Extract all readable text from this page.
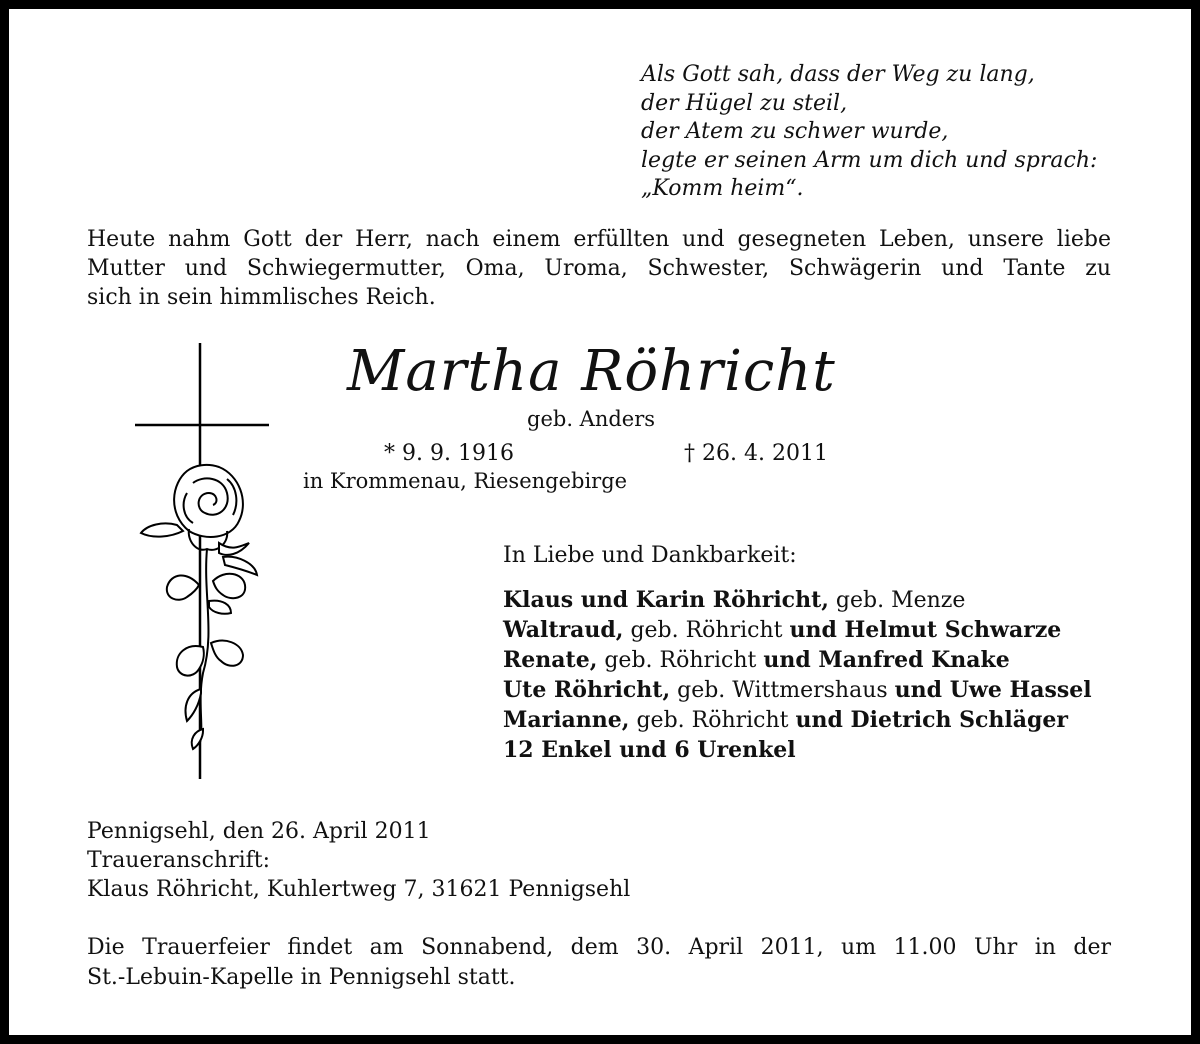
Als Gott sah, dass der Weg zu lang,
der Hügel zu steil,
der Atem zu schwer wurde,
legte er seinen Arm um dich und sprach:
„Komm heim“.
Heute nahm Gott der Herr, nach einem erfüllten und gesegneten Leben, unsere liebe
Mutter und Schwiegermutter, Oma, Uroma, Schwester, Schwägerin und Tante zu
sich in sein himmlisches Reich.
Martha Röhricht
geb. Anders
* 9. 9. 1916	† 26. 4. 2011
in Krommenau, Riesengebirge
In Liebe und Dankbarkeit:
Klaus und Karin Röhricht, geb. Menze
Waltraud, geb. Röhricht und Helmut Schwarze
Renate, geb. Röhricht und Manfred Knake
Ute Röhricht, geb. Wittmershaus und Uwe Hassel
Marianne, geb. Röhricht und Dietrich Schläger
12 Enkel und 6 Urenkel
Pennigsehl, den 26. April 2011
Traueranschrift:
Klaus Röhricht, Kuhlertweg 7, 31621 Pennigsehl
Die Trauerfeier findet am Sonnabend, dem 30. April 2011, um 11.00 Uhr in der
St.-Lebuin-Kapelle in Pennigsehl statt.
